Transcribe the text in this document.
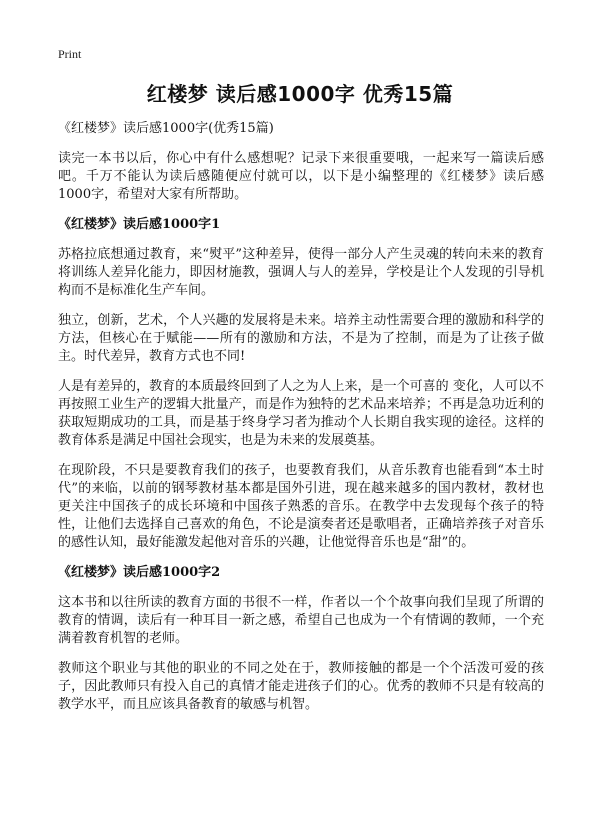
Print
红楼梦 读后感1000字 优秀15篇
《红楼梦》读后感1000字(优秀15篇)

读完一本书以后，你心中有什么感想呢？记录下来很重要哦，一起来写一篇读后感吧。千万不能认为读后感随便应付就可以，以下是小编整理的《红楼梦》读后感1000字，希望对大家有所帮助。

《红楼梦》读后感1000字1

苏格拉底想通过教育，来“熨平”这种差异，使得一部分人产生灵魂的转向未来的教育将训练人差异化能力，即因材施教，强调人与人的差异，学校是让个人发现的引导机构而不是标准化生产车间。

独立，创新，艺术，个人兴趣的发展将是未来。培养主动性需要合理的激励和科学的方法，但核心在于赋能——所有的激励和方法，不是为了控制，而是为了让孩子做主。时代差异，教育方式也不同!

人是有差异的，教育的本质最终回到了人之为人上来，是一个可喜的 变化，人可以不再按照工业生产的逻辑大批量产，而是作为独特的艺术品来培养；不再是急功近利的获取短期成功的工具，而是基于终身学习者为推动个人长期自我实现的途径。这样的教育体系是满足中国社会现实，也是为未来的发展奠基。

在现阶段，不只是要教育我们的孩子，也要教育我们，从音乐教育也能看到“本土时代”的来临，以前的钢琴教材基本都是国外引进，现在越来越多的国内教材，教材也更关注中国孩子的成长环境和中国孩子熟悉的音乐。在教学中去发现每个孩子的特性，让他们去选择自己喜欢的角色，不论是演奏者还是歌唱者，正确培养孩子对音乐的感性认知，最好能激发起他对音乐的兴趣，让他觉得音乐也是“甜”的。

《红楼梦》读后感1000字2

这本书和以往所读的教育方面的书很不一样，作者以一个个故事向我们呈现了所谓的教育的情调，读后有一种耳目一新之感，希望自己也成为一个有情调的教师，一个充满着教育机智的老师。

教师这个职业与其他的职业的不同之处在于，教师接触的都是一个个活泼可爱的孩子，因此教师只有投入自己的真情才能走进孩子们的心。优秀的教师不只是有较高的教学水平，而且应该具备教育的敏感与机智。
